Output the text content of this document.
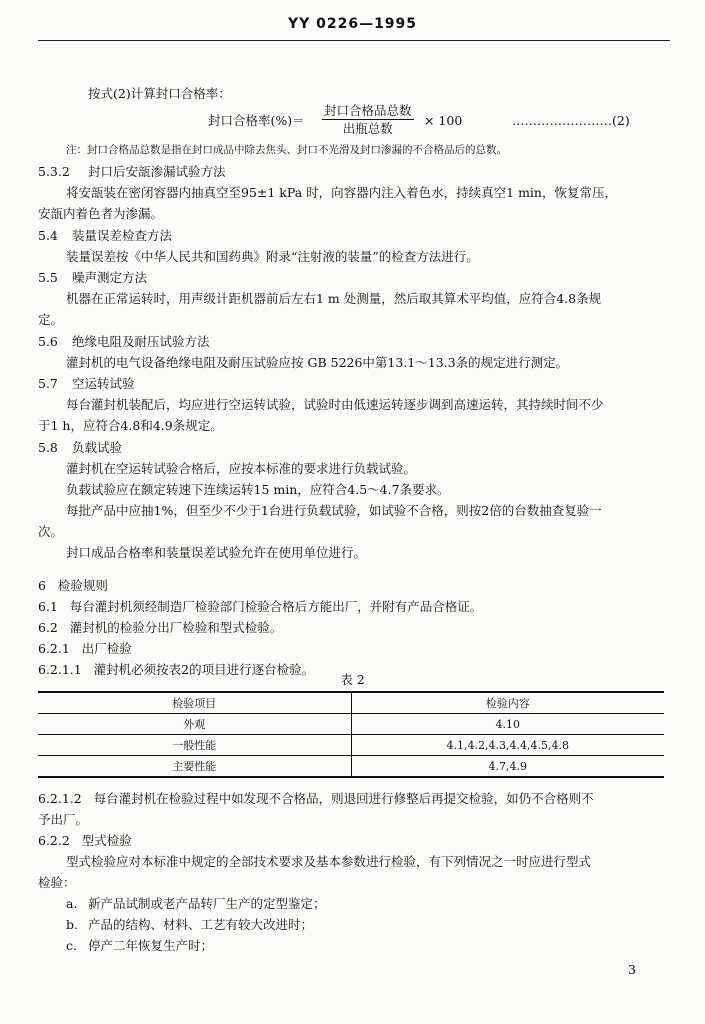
YY 0226—1995
按式(2)计算封口合格率：
封口合格率(%)＝
封口合格品总数
出瓶总数
× 100	……………………(2)
注：封口合格品总数是指在封口成品中除去焦头、封口不光滑及封口渗漏的不合格品后的总数。
5.3.2 封口后安瓿渗漏试验方法
将安瓿装在密闭容器内抽真空至95±1 kPa 时，向容器内注入着色水，持续真空1 min，恢复常压，
安瓿内着色者为渗漏。
5.4 装量误差检查方法
装量误差按《中华人民共和国药典》附录“注射液的装量”的检查方法进行。
5.5 噪声测定方法
机器在正常运转时，用声级计距机器前后左右1 m 处测量，然后取其算术平均值，应符合4.8条规
定。
5.6 绝缘电阻及耐压试验方法
灌封机的电气设备绝缘电阻及耐压试验应按 GB 5226中第13.1～13.3条的规定进行测定。
5.7 空运转试验
每台灌封机装配后，均应进行空运转试验，试验时由低速运转逐步调到高速运转，其持续时间不少
于1 h，应符合4.8和4.9条规定。
5.8 负载试验
灌封机在空运转试验合格后，应按本标准的要求进行负载试验。
负载试验应在额定转速下连续运转15 min，应符合4.5～4.7条要求。
每批产品中应抽1%，但至少不少于1台进行负载试验，如试验不合格，则按2倍的台数抽查复验一
次。
封口成品合格率和装量误差试验允许在使用单位进行。
6   检验规则
6.1   每台灌封机须经制造厂检验部门检验合格后方能出厂，并附有产品合格证。
6.2   灌封机的检验分出厂检验和型式检验。
6.2.1   出厂检验
6.2.1.1   灌封机必须按表2的项目进行逐台检验。
表 2
检验项目	检验内容
外观	4.10
一般性能	4.1,4.2,4.3,4.4,4.5,4.8
主要性能	4.7,4.9
6.2.1.2   每台灌封机在检验过程中如发现不合格品，则退回进行修整后再提交检验，如仍不合格则不
予出厂。
6.2.2   型式检验
型式检验应对本标准中规定的全部技术要求及基本参数进行检验，有下列情况之一时应进行型式
检验：
a. 新产品试制或老产品转厂生产的定型鉴定；
b. 产品的结构、材料、工艺有较大改进时；
c. 停产二年恢复生产时；
3
